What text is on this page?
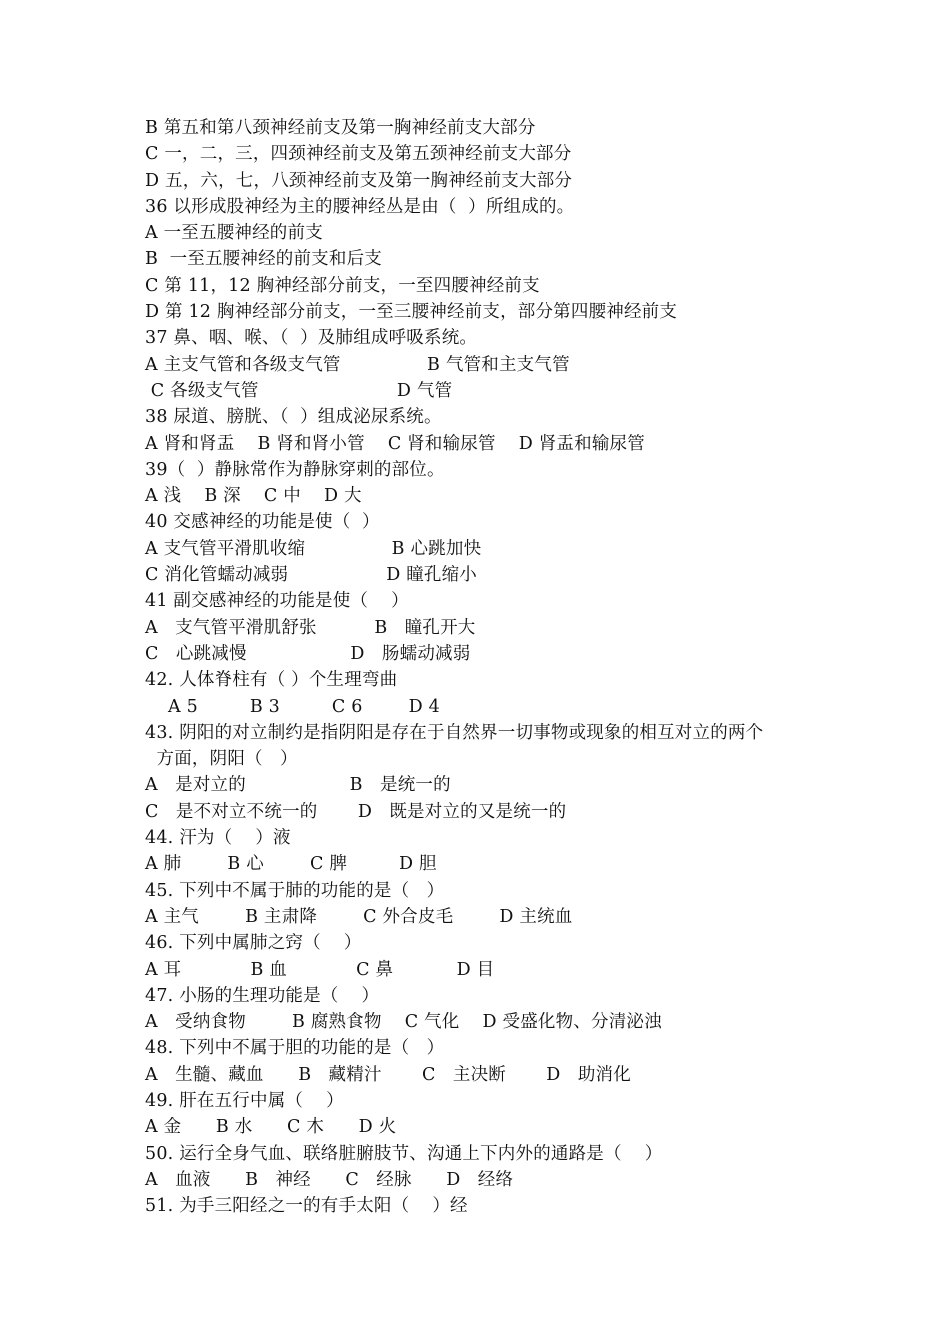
B 第五和第八颈神经前支及第一胸神经前支大部分
C 一，二，三，四颈神经前支及第五颈神经前支大部分
D 五，六，七，八颈神经前支及第一胸神经前支大部分
36 以形成股神经为主的腰神经丛是由（  ）所组成的。
A 一至五腰神经的前支
B  一至五腰神经的前支和后支
C 第 11，12 胸神经部分前支，一至四腰神经前支
D 第 12 胸神经部分前支，一至三腰神经前支，部分第四腰神经前支
37 鼻、咽、喉、（  ）及肺组成呼吸系统。
A 主支气管和各级支气管               B 气管和主支气管
C 各级支气管                        D 气管
38 尿道、膀胱、（  ）组成泌尿系统。
A 肾和肾盂    B 肾和肾小管    C 肾和输尿管    D 肾盂和输尿管
39（  ）静脉常作为静脉穿刺的部位。
A 浅    B 深    C 中    D 大
40 交感神经的功能是使（  ）
A 支气管平滑肌收缩               B 心跳加快
C 消化管蠕动减弱                 D 瞳孔缩小
41 副交感神经的功能是使（    ）
A   支气管平滑肌舒张          B   瞳孔开大
C   心跳减慢                  D   肠蠕动减弱
42. 人体脊柱有（ ）个生理弯曲
A 5         B 3         C 6        D 4
43. 阴阳的对立制约是指阴阳是存在于自然界一切事物或现象的相互对立的两个
方面，阴阳（   ）
A   是对立的                  B   是统一的
C   是不对立不统一的       D   既是对立的又是统一的
44. 汗为（    ）液
A 肺        B 心        C 脾         D 胆
45. 下列中不属于肺的功能的是（   ）
A 主气        B 主肃降        C 外合皮毛        D 主统血
46. 下列中属肺之窍（    ）
A 耳            B 血            C 鼻           D 目
47. 小肠的生理功能是（    ）
A   受纳食物        B 腐熟食物    C 气化    D 受盛化物、分清泌浊
48. 下列中不属于胆的功能的是（   ）
A   生髓、藏血      B   藏精汁       C   主决断       D   助消化
49. 肝在五行中属（    ）
A 金      B 水      C 木      D 火
50. 运行全身气血、联络脏腑肢节、沟通上下内外的通路是（    ）
A   血液      B   神经      C   经脉      D   经络
51. 为手三阳经之一的有手太阳（    ）经
